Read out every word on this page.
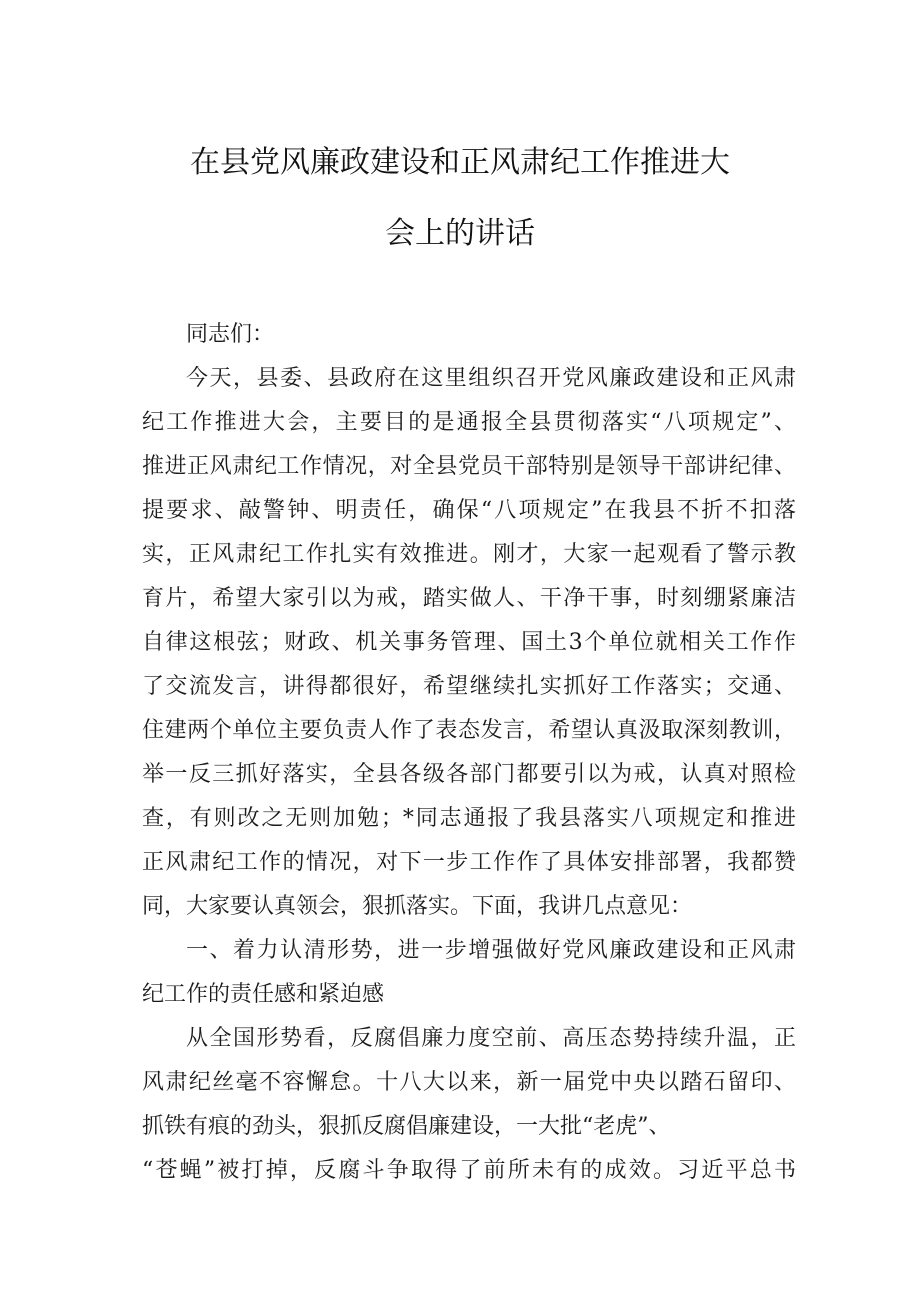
在县党风廉政建设和正风肃纪工作推进大
会上的讲话

同志们：

今天，县委、县政府在这里组织召开党风廉政建设和正风肃

纪工作推进大会，主要目的是通报全县贯彻落实“八项规定”、

推进正风肃纪工作情况，对全县党员干部特别是领导干部讲纪律、

提要求、敲警钟、明责任，确保“八项规定”在我县不折不扣落

实，正风肃纪工作扎实有效推进。刚才，大家一起观看了警示教

育片，希望大家引以为戒，踏实做人、干净干事，时刻绷紧廉洁

自律这根弦；财政、机关事务管理、国土3个单位就相关工作作

了交流发言，讲得都很好，希望继续扎实抓好工作落实；交通、

住建两个单位主要负责人作了表态发言，希望认真汲取深刻教训，

举一反三抓好落实，全县各级各部门都要引以为戒，认真对照检

查，有则改之无则加勉；*同志通报了我县落实八项规定和推进

正风肃纪工作的情况，对下一步工作作了具体安排部署，我都赞

同，大家要认真领会，狠抓落实。下面，我讲几点意见：

一、着力认清形势，进一步增强做好党风廉政建设和正风肃

纪工作的责任感和紧迫感

从全国形势看，反腐倡廉力度空前、高压态势持续升温，正

风肃纪丝毫不容懈怠。十八大以来，新一届党中央以踏石留印、

抓铁有痕的劲头，狠抓反腐倡廉建设，一大批“老虎”、

“苍蝇”被打掉，反腐斗争取得了前所未有的成效。习近平总书
